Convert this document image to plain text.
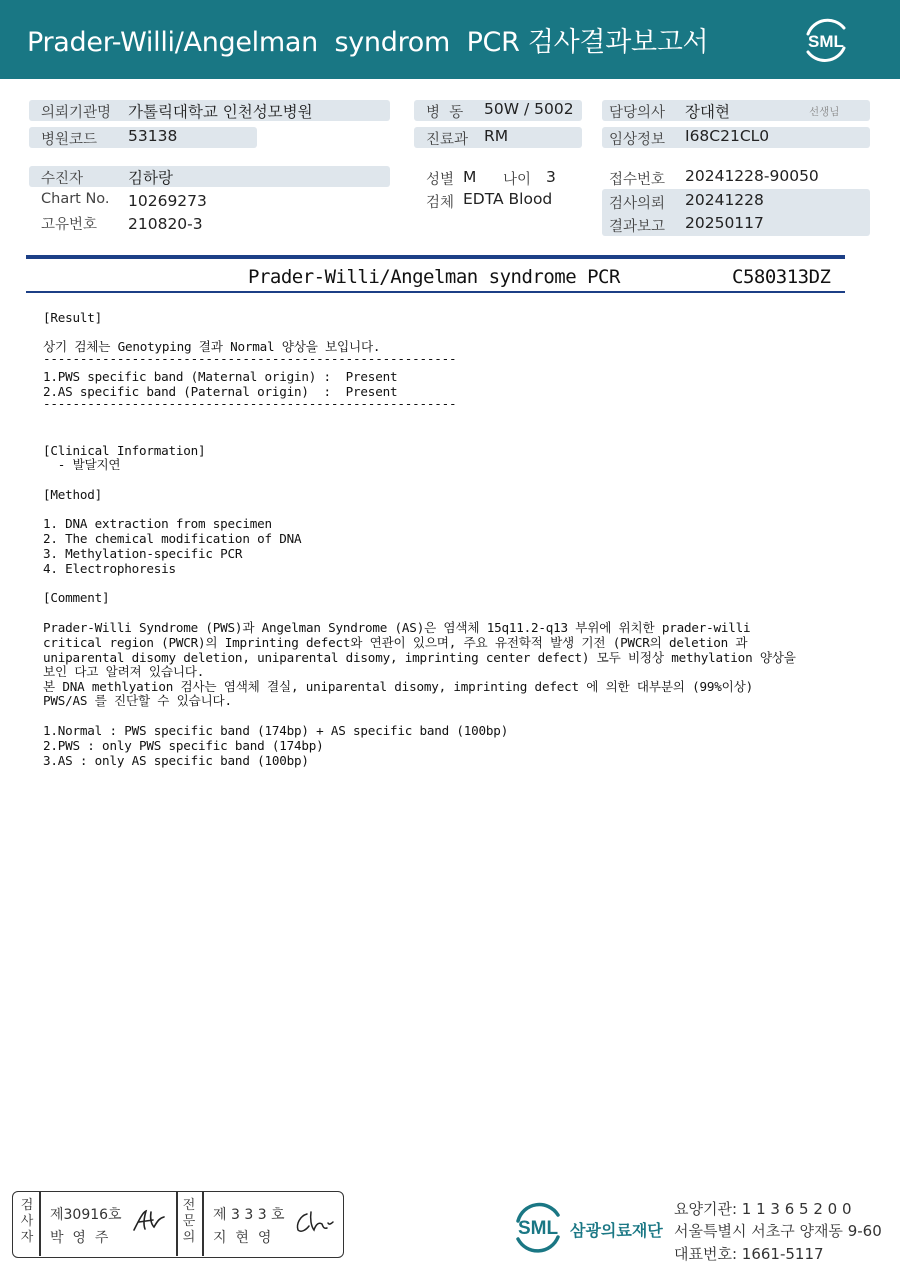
Prader-Willi/Angelman  syndrom  PCR 검사결과보고서	SML
의뢰기관명 가톨릭대학교 인천성모병원
병원코드 53138
병  동 50W / 5002
진료과 RM
담당의사 장대현	선생님
임상정보 I68C21CL0
수진자	김하랑
Chart No. 10269273
고유번호 210820-3
성별 M 나이 3
검체 EDTA Blood
접수번호 20241228-90050
검사의뢰 20241228
결과보고 20250117
Prader-Willi/Angelman syndrome PCR	C580313DZ
[Result]
상기 검체는 Genotyping 결과 Normal 양상을 보입니다.
--------------------------------------------------------
1.PWS specific band (Maternal origin) :  Present
2.AS specific band (Paternal origin)  :  Present
--------------------------------------------------------
[Clinical Information]
- 발달지연
[Method]
1. DNA extraction from specimen
2. The chemical modification of DNA
3. Methylation-specific PCR
4. Electrophoresis
[Comment]
Prader-Willi Syndrome (PWS)과 Angelman Syndrome (AS)은 염색체 15q11.2-q13 부위에 위치한 prader-willi
critical region (PWCR)의 Imprinting defect와 연관이 있으며, 주요 유전학적 발생 기전 (PWCR의 deletion 과
uniparental disomy deletion, uniparental disomy, imprinting center defect) 모두 비정상 methylation 양상을
보인 다고 알려져 있습니다.
본 DNA methlyation 검사는 염색체 결실, uniparental disomy, imprinting defect 에 의한 대부분의 (99%이상)
PWS/AS 를 진단할 수 있습니다.
1.Normal : PWS specific band (174bp) + AS specific band (100bp)
2.PWS : only PWS specific band (174bp)
3.AS : only AS specific band (100bp)
검
사
자
제30916호
박  영  주
전
문
의
제 3 3 3 호
지  현  영	SML 삼광의료재단
요양기관: 1 1 3 6 5 2 0 0
서울특별시 서초구 양재동 9-60
대표번호: 1661-5117
